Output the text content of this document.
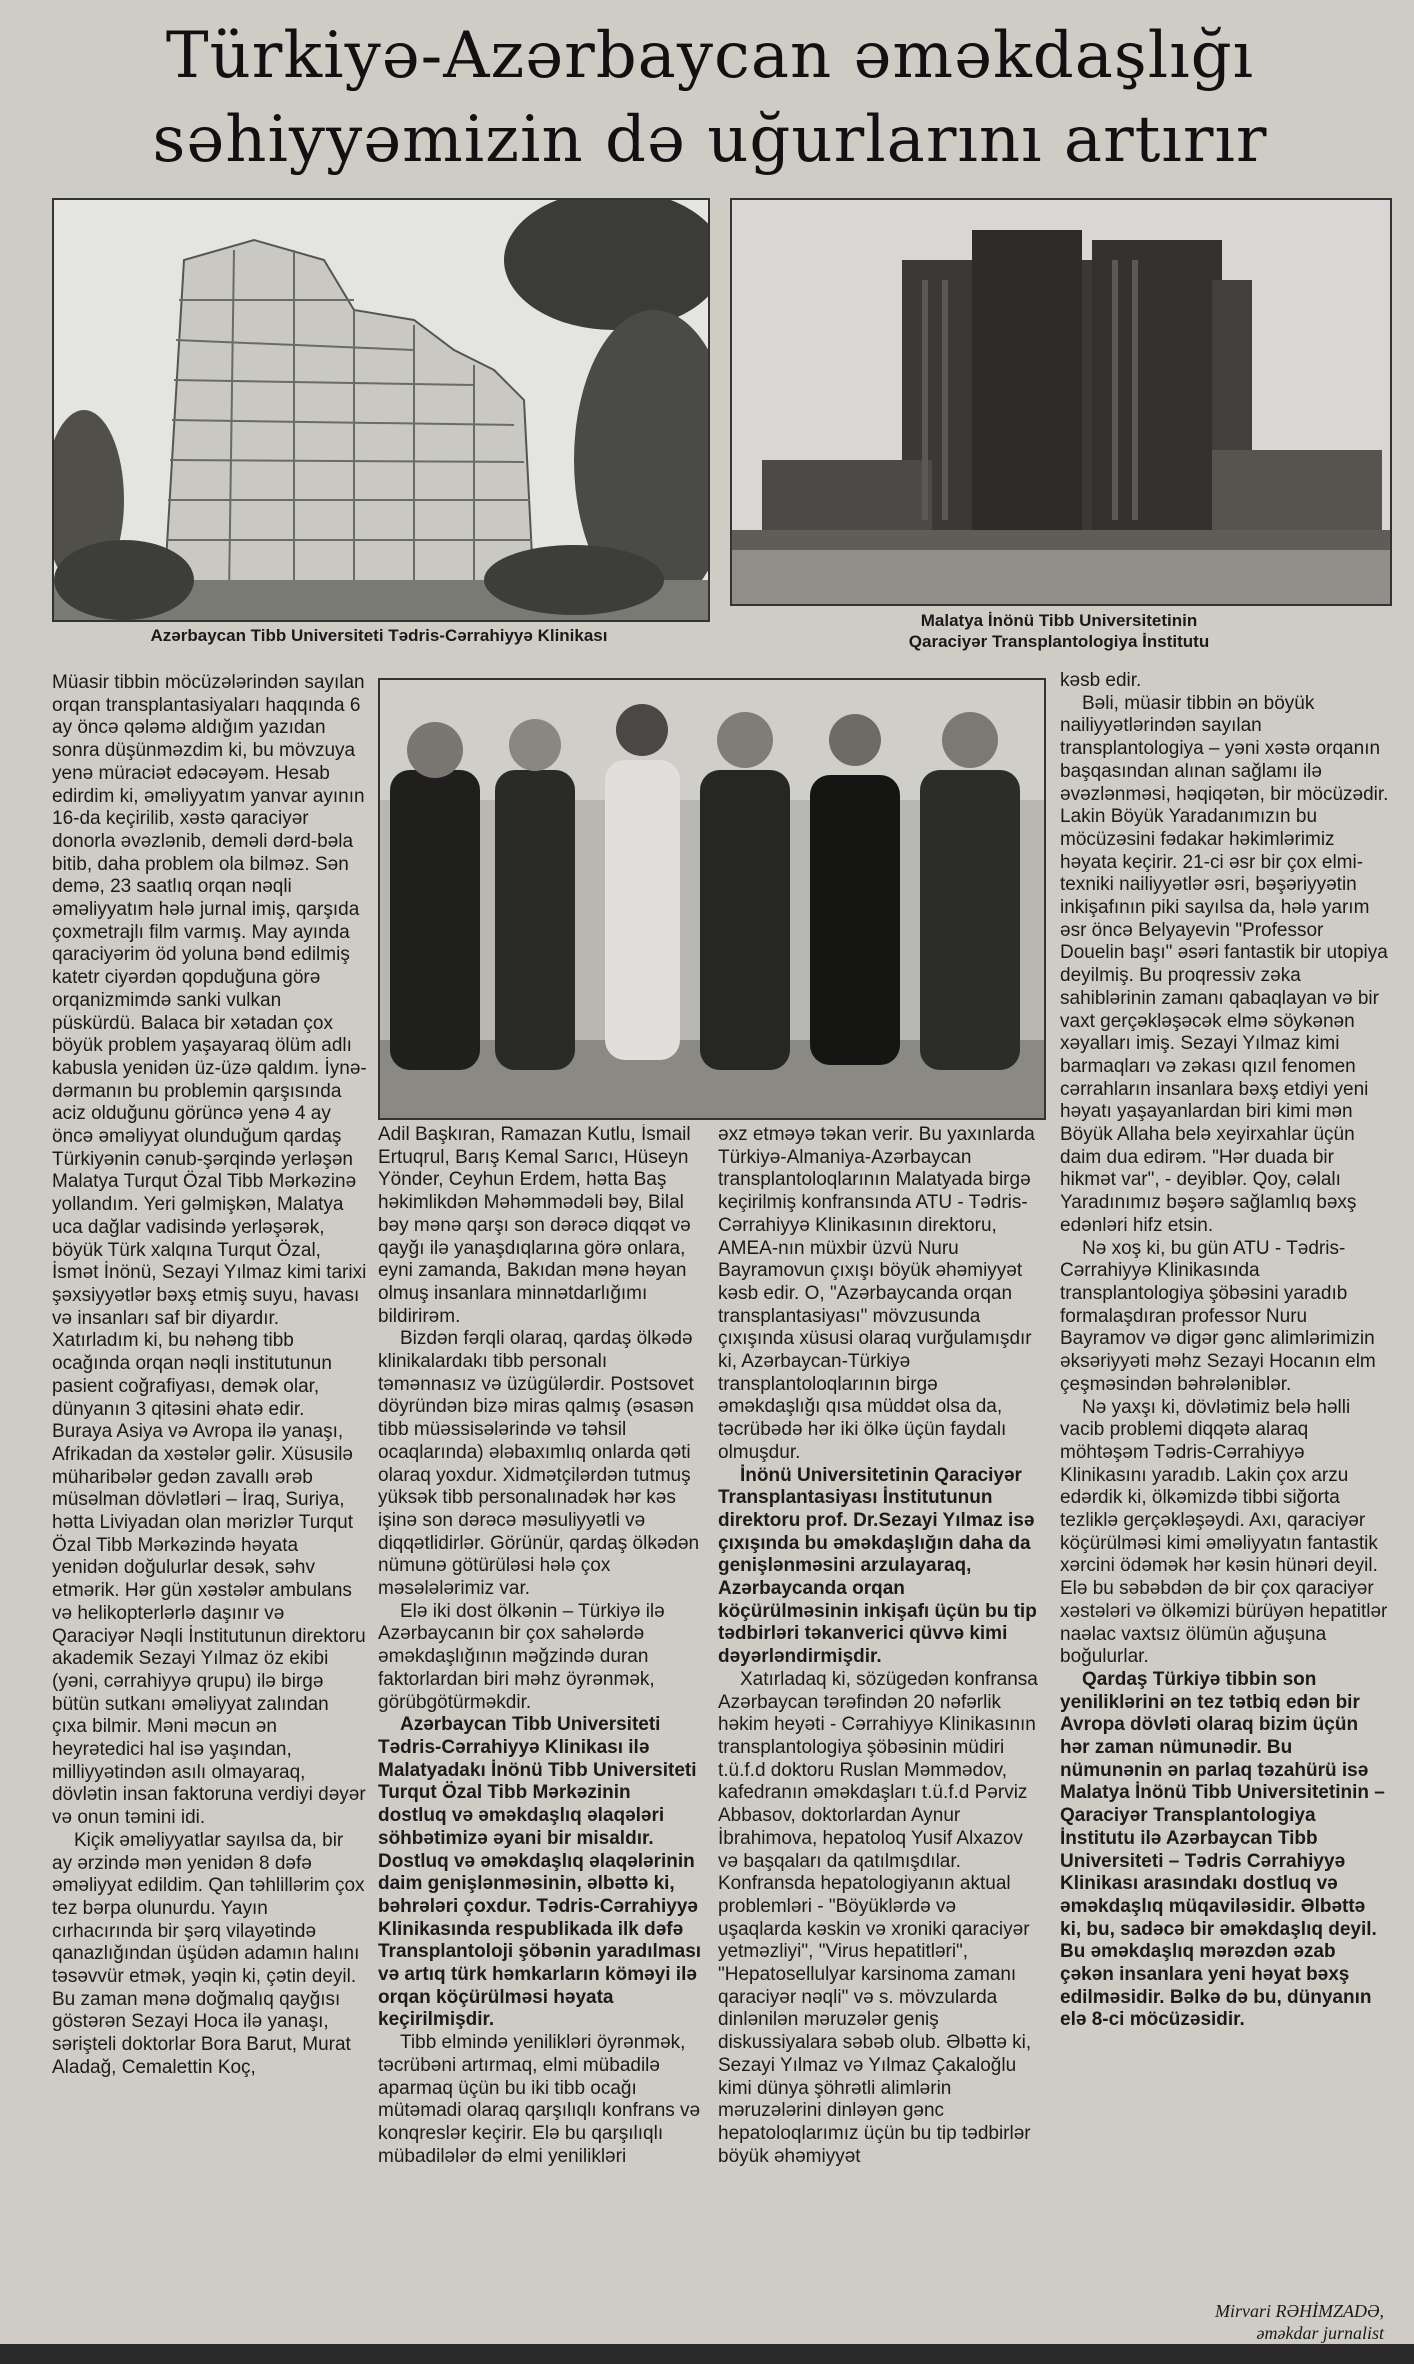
Türkiyə-Azərbaycan əməkdaşlığı
səhiyyəmizin də uğurlarını artırır
Azərbaycan Tibb Universiteti Tədris-Cərrahiyyə Klinikası
Malatya İnönü Tibb Universitetinin
Qaraciyər Transplantologiya İnstitutu

Müasir tibbin möcüzələrindən sayılan orqan transplantasiyaları haqqında 6 ay öncə qələmə aldığım yazıdan sonra düşünməzdim ki, bu mövzuya yenə müraciət edəcəyəm. Hesab edirdim ki, əməliyyatım yanvar ayının 16-da keçirilib, xəstə qaraciyər donorla əvəzlənib, deməli dərd-bəla bitib, daha problem ola bilməz. Sən demə, 23 saatlıq orqan nəqli əməliyyatım hələ jurnal imiş, qarşıda çoxmetrajlı film varmış. May ayında qaraciyərim öd yoluna bənd edilmiş katetr ciyərdən qopduğuna görə orqanizmimdə sanki vulkan püskürdü. Balaca bir xətadan çox böyük problem yaşayaraq ölüm adlı kabusla yenidən üz-üzə qaldım. İynə-dərmanın bu problemin qarşısında aciz olduğunu görüncə yenə 4 ay öncə əməliyyat olunduğum qardaş Türkiyənin cənub-şərqində yerləşən Malatya Turqut Özal Tibb Mərkəzinə yollandım. Yeri gəlmişkən, Malatya uca dağlar vadisində yerləşərək, böyük Türk xalqına Turqut Özal, İsmət İnönü, Sezayi Yılmaz kimi tarixi şəxsiyyətlər bəxş etmiş suyu, havası və insanları saf bir diyardır. Xatırladım ki, bu nəhəng tibb ocağında orqan nəqli institutunun pasient coğrafiyası, demək olar, dünyanın 3 qitəsini əhatə edir. Buraya Asiya və Avropa ilə yanaşı, Afrikadan da xəstələr gəlir. Xüsusilə müharibələr gedən zavallı ərəb müsəlman dövlətləri – İraq, Suriya, hətta Liviyadan olan mərizlər Turqut Özal Tibb Mərkəzində həyata yenidən doğulurlar desək, səhv etmərik. Hər gün xəstələr ambulans və helikopterlərlə daşınır və Qaraciyər Nəqli İnstitutunun direktoru akademik Sezayi Yılmaz öz ekibi (yəni, cərrahiyyə qrupu) ilə birgə bütün sutkanı əməliyyat zalından çıxa bilmir. Məni məcun ən heyrətedici hal isə yaşından, milliyyətindən asılı olmayaraq, dövlətin insan faktoruna verdiyi dəyər və onun təmini idi.

Kiçik əməliyyatlar sayılsa da, bir ay ərzində mən yenidən 8 dəfə əməliyyat edildim. Qan təhlillərim çox tez bərpa olunurdu. Yayın cırhacırında bir şərq vilayətində qanazlığından üşüdən adamın halını təsəvvür etmək, yəqin ki, çətin deyil. Bu zaman mənə doğmalıq qayğısı göstərən Sezayi Hoca ilə yanaşı, sərişteli doktorlar Bora Barut, Murat Aladağ, Cemalettin Koç,

Adil Başkıran, Ramazan Kutlu, İsmail Ertuqrul, Barış Kemal Sarıcı, Hüseyn Yönder, Ceyhun Erdem, hətta Baş həkimlikdən Məhəmmədəli bəy, Bilal bəy mənə qarşı son dərəcə diqqət və qayğı ilə yanaşdıqlarına görə onlara, eyni zamanda, Bakıdan mənə həyan olmuş insanlara minnətdarlığımı bildirirəm.

Bizdən fərqli olaraq, qardaş ölkədə klinikalardakı tibb personalı təmənnasız və üzügülərdir. Postsovet döyründən bizə miras qalmış (əsasən tibb müəssisələrində və təhsil ocaqlarında) ələbaxımlıq onlarda qəti olaraq yoxdur. Xidmətçilərdən tutmuş yüksək tibb personalınadək hər kəs işinə son dərəcə məsuliyyətli və diqqətlidirlər. Görünür, qardaş ölkədən nümunə götürüləsi hələ çox məsələlərimiz var.

Elə iki dost ölkənin – Türkiyə ilə Azərbaycanın bir çox sahələrdə əməkdaşlığının məğzində duran faktorlardan biri məhz öyrənmək, görübgötürməkdir.

Azərbaycan Tibb Universiteti Tədris-Cərrahiyyə Klinikası ilə Malatyadakı İnönü Tibb Universiteti Turqut Özal Tibb Mərkəzinin dostluq və əməkdaşlıq əlaqələri söhbətimizə əyani bir misaldır. Dostluq və əməkdaşlıq əlaqələrinin daim genişlənməsinin, əlbəttə ki, bəhrələri çoxdur. Tədris-Cərrahiyyə Klinikasında respublikada ilk dəfə Transplantoloji şöbənin yaradılması və artıq türk həmkarların köməyi ilə orqan köçürülməsi həyata keçirilmişdir.

Tibb elmində yenilikləri öyrənmək, təcrübəni artırmaq, elmi mübadilə aparmaq üçün bu iki tibb ocağı mütəmadi olaraq qarşılıqlı konfrans və konqreslər keçirir. Elə bu qarşılıqlı mübadilələr də elmi yenilikləri

əxz etməyə təkan verir. Bu yaxınlarda Türkiyə-Almaniya-Azərbaycan transplantoloqlarının Malatyada birgə keçirilmiş konfransında ATU - Tədris-Cərrahiyyə Klinikasının direktoru, AMEA-nın müxbir üzvü Nuru Bayramovun çıxışı böyük əhəmiyyət kəsb edir. O, "Azərbaycanda orqan transplantasiyası" mövzusunda çıxışında xüsusi olaraq vurğulamışdır ki, Azərbaycan-Türkiyə transplantoloqlarının birgə əməkdaşlığı qısa müddət olsa da, təcrübədə hər iki ölkə üçün faydalı olmuşdur.

İnönü Universitetinin Qaraciyər Transplantasiyası İnstitutunun direktoru prof. Dr.Sezayi Yılmaz isə çıxışında bu əməkdaşlığın daha da genişlənməsini arzulayaraq, Azərbaycanda orqan köçürülməsinin inkişafı üçün bu tip tədbirləri təkanverici qüvvə kimi dəyərləndirmişdir.

Xatırladaq ki, sözügedən konfransa Azərbaycan tərəfindən 20 nəfərlik həkim heyəti - Cərrahiyyə Klinikasının transplantologiya şöbəsinin müdiri t.ü.f.d doktoru Ruslan Məmmədov, kafedranın əməkdaşları t.ü.f.d Pərviz Abbasov, doktorlardan Aynur İbrahimova, hepatoloq Yusif Alxazov və başqaları da qatılmışdılar. Konfransda hepatologiyanın aktual problemləri - "Böyüklərdə və uşaqlarda kəskin və xroniki qaraciyər yetməzliyi", "Virus hepatitləri", "Hepatosellulyar karsinoma zamanı qaraciyər nəqli" və s. mövzularda dinlənilən məruzələr geniş diskussiyalara səbəb olub. Əlbəttə ki, Sezayi Yılmaz və Yılmaz Çakaloğlu kimi dünya şöhrətli alimlərin məruzələrini dinləyən gənc hepatoloqlarımız üçün bu tip tədbirlər böyük əhəmiyyət

kəsb edir.

Bəli, müasir tibbin ən böyük nailiyyətlərindən sayılan transplantologiya – yəni xəstə orqanın başqasından alınan sağlamı ilə əvəzlənməsi, həqiqətən, bir möcüzədir. Lakin Böyük Yaradanımızın bu möcüzəsini fədakar həkimlərimiz həyata keçirir. 21-ci əsr bir çox elmi-texniki nailiyyətlər əsri, bəşəriyyətin inkişafının piki sayılsa da, hələ yarım əsr öncə Belyayevin "Professor Douelin başı" əsəri fantastik bir utopiya deyilmiş. Bu proqressiv zəka sahiblərinin zamanı qabaqlayan və bir vaxt gerçəkləşəcək elmə söykənən xəyalları imiş. Sezayi Yılmaz kimi barmaqları və zəkası qızıl fenomen cərrahların insanlara bəxş etdiyi yeni həyatı yaşayanlardan biri kimi mən Böyük Allaha belə xeyirxahlar üçün daim dua edirəm. "Hər duada bir hikmət var", - deyiblər. Qoy, cəlalı Yaradınımız bəşərə sağlamlıq bəxş edənləri hifz etsin.

Nə xoş ki, bu gün ATU - Tədris-Cərrahiyyə Klinikasında transplantologiya şöbəsini yaradıb formalaşdıran professor Nuru Bayramov və digər gənc alimlərimizin əksəriyyəti məhz Sezayi Hocanın elm çeşməsindən bəhrələniblər.

Nə yaxşı ki, dövlətimiz belə həlli vacib problemi diqqətə alaraq möhtəşəm Tədris-Cərrahiyyə Klinikasını yaradıb. Lakin çox arzu edərdik ki, ölkəmizdə tibbi siğorta tezliklə gerçəkləşəydi. Axı, qaraciyər köçürülməsi kimi əməliyyatın fantastik xərcini ödəmək hər kəsin hünəri deyil. Elə bu səbəbdən də bir çox qaraciyər xəstələri və ölkəmizi bürüyən hepatitlər naəlac vaxtsız ölümün ağuşuna boğulurlar.

Qardaş Türkiyə tibbin son yeniliklərini ən tez tətbiq edən bir Avropa dövləti olaraq bizim üçün hər zaman nümunədir. Bu nümunənin ən parlaq təzahürü isə Malatya İnönü Tibb Universitetinin – Qaraciyər Transplantologiya İnstitutu ilə Azərbaycan Tibb Universiteti – Tədris Cərrahiyyə Klinikası arasındakı dostluq və əməkdaşlıq müqaviləsidir. Əlbəttə ki, bu, sadəcə bir əməkdaşlıq deyil. Bu əməkdaşlıq mərəzdən əzab çəkən insanlara yeni həyat bəxş edilməsidir. Bəlkə də bu, dünyanın elə 8-ci möcüzəsidir.

Mirvari RƏHİMZADƏ,
əməkdar jurnalist
